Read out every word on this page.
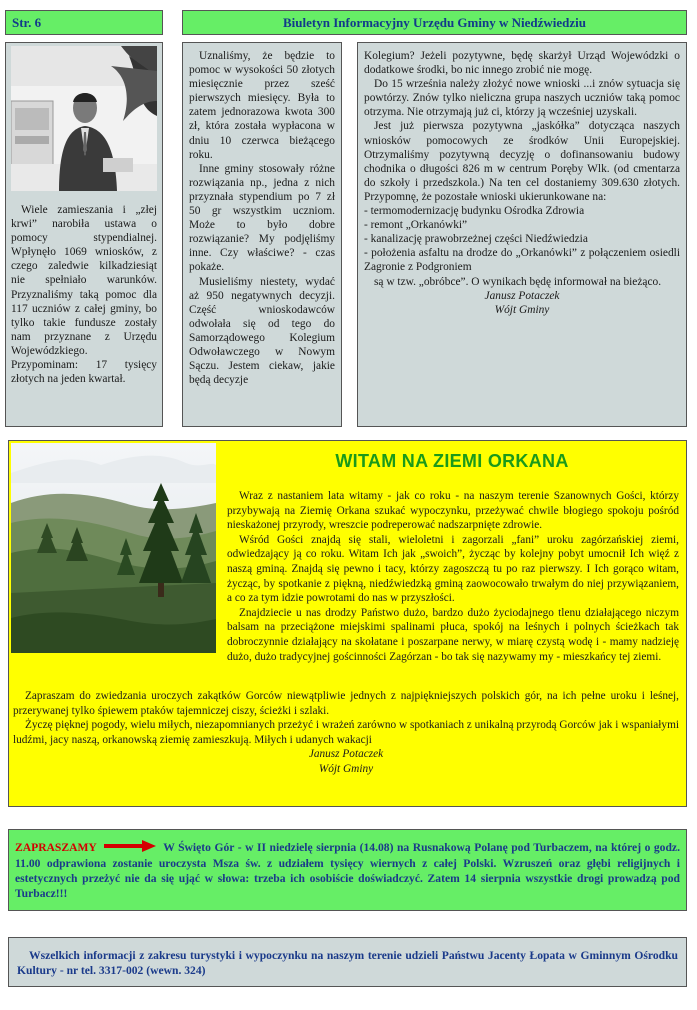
Str. 6	Biuletyn Informacyjny Urzędu Gminy w Niedźwiedziu

Wiele zamieszania i „złej krwi” narobiła ustawa o pomocy stypendialnej. Wpłynęło 1069 wniosków, z czego zaledwie kilkadziesiąt nie spełniało warunków. Przyznaliśmy taką pomoc dla 117 uczniów z całej gminy, bo tylko takie fundusze zostały nam przyznane z Urzędu Wojewódzkiego. Przypominam: 17 tysięcy złotych na jeden kwartał.

Uznaliśmy, że będzie to pomoc w wysokości 50 złotych miesięcznie przez sześć pierwszych miesięcy. Była to zatem jednorazowa kwota 300 zł, która została wypłacona w dniu 10 czerwca bieżącego roku.

Inne gminy stosowały różne rozwiązania np., jedna z nich przyznała stypendium po 7 zł 50 gr wszystkim uczniom. Może to było dobre rozwiązanie? My podjęliśmy inne. Czy właściwe? - czas pokaże.

Musieliśmy niestety, wydać aż 950 negatywnych decyzji. Część wnioskodawców odwołała się od tego do Samorządowego Kolegium Odwoławczego w Nowym Sączu. Jestem ciekaw, jakie będą decyzje

Kolegium? Jeżeli pozytywne, będę skarżył Urząd Wojewódzki o dodatkowe środki, bo nic innego zrobić nie mogę.

Do 15 września należy złożyć nowe wnioski ...i znów sytuacja się powtórzy. Znów tylko nieliczna grupa naszych uczniów taką pomoc otrzyma. Nie otrzymają już ci, którzy ją wcześniej uzyskali.

Jest już pierwsza pozytywna „jaskółka” dotycząca naszych wniosków pomocowych ze środków Unii Europejskiej. Otrzymaliśmy pozytywną decyzję o dofinansowaniu budowy chodnika o długości 826 m w centrum Poręby Wlk. (od cmentarza do szkoły i przedszkola.) Na ten cel dostaniemy 309.630 złotych. Przypomnę, że pozostałe wnioski ukierunkowane na:

- termomodernizację budynku Ośrodka Zdrowia

- remont „Orkanówki”

- kanalizację prawobrzeżnej części Niedźwiedzia

- położenia asfaltu na drodze do „Orkanówki” z połączeniem osiedli Zagronie z Podgroniem

są w tzw. „obróbce”. O wynikach będę informował na bieżąco.

Janusz Potaczek

Wójt Gminy

WITAM NA ZIEMI ORKANA

Wraz z nastaniem lata witamy - jak co roku - na naszym terenie Szanownych Gości, którzy przybywają na Ziemię Orkana szukać wypoczynku, przeżywać chwile błogiego spokoju pośród nieskażonej przyrody, wreszcie podreperować nadszarpnięte zdrowie.

Wśród Gości znajdą się stali, wieloletni i zagorzali „fani” uroku zagórzańskiej ziemi, odwiedzający ją co roku. Witam Ich jak „swoich”, życząc by kolejny pobyt umocnił Ich więź z naszą gminą. Znajdą się pewno i tacy, którzy zagoszczą tu po raz pierwszy. I Ich gorąco witam, życząc, by spotkanie z piękną, niedźwiedzką gminą zaowocowało trwałym do niej przywiązaniem, a co za tym idzie powrotami do nas w przyszłości.

Znajdziecie u nas drodzy Państwo dużo, bardzo dużo życiodajnego tlenu działającego niczym balsam na przeciążone miejskimi spalinami płuca, spokój na leśnych i polnych ścieżkach tak dobroczynnie działający na skołatane i poszarpane nerwy, w miarę czystą wodę i - mamy nadzieję dużo, dużo tradycyjnej gościnności Zagórzan - bo tak się nazywamy my - mieszkańcy tej ziemi.

Zapraszam do zwiedzania uroczych zakątków Gorców niewątpliwie jednych z najpiękniejszych polskich gór, na ich pełne uroku i leśnej, przerywanej tylko śpiewem ptaków tajemniczej ciszy, ścieżki i szlaki.

Życzę pięknej pogody, wielu miłych, niezapomnianych przeżyć i wrażeń zarówno w spotkaniach z unikalną przyrodą Gorców jak i wspaniałymi ludźmi, jacy naszą, orkanowską ziemię zamieszkują. Miłych i udanych wakacji

Janusz Potaczek

Wójt Gminy

ZAPRASZAMY	W Święto Gór - w II niedzielę sierpnia (14.08) na Rusnakową Polanę pod Turbaczem, na której o godz. 11.00 odprawiona zostanie uroczysta Msza św. z udziałem tysięcy wiernych z całej Polski. Wzruszeń oraz głębi religijnych i estetycznych przeżyć nie da się ująć w słowa: trzeba ich osobiście doświadczyć. Zatem 14 sierpnia wszystkie drogi prowadzą pod Turbacz!!!
Wszelkich informacji z zakresu turystyki i wypoczynku na naszym terenie udzieli Państwu Jacenty Łopata w Gminnym Ośrodku Kultury - nr tel. 3317-002 (wewn. 324)
